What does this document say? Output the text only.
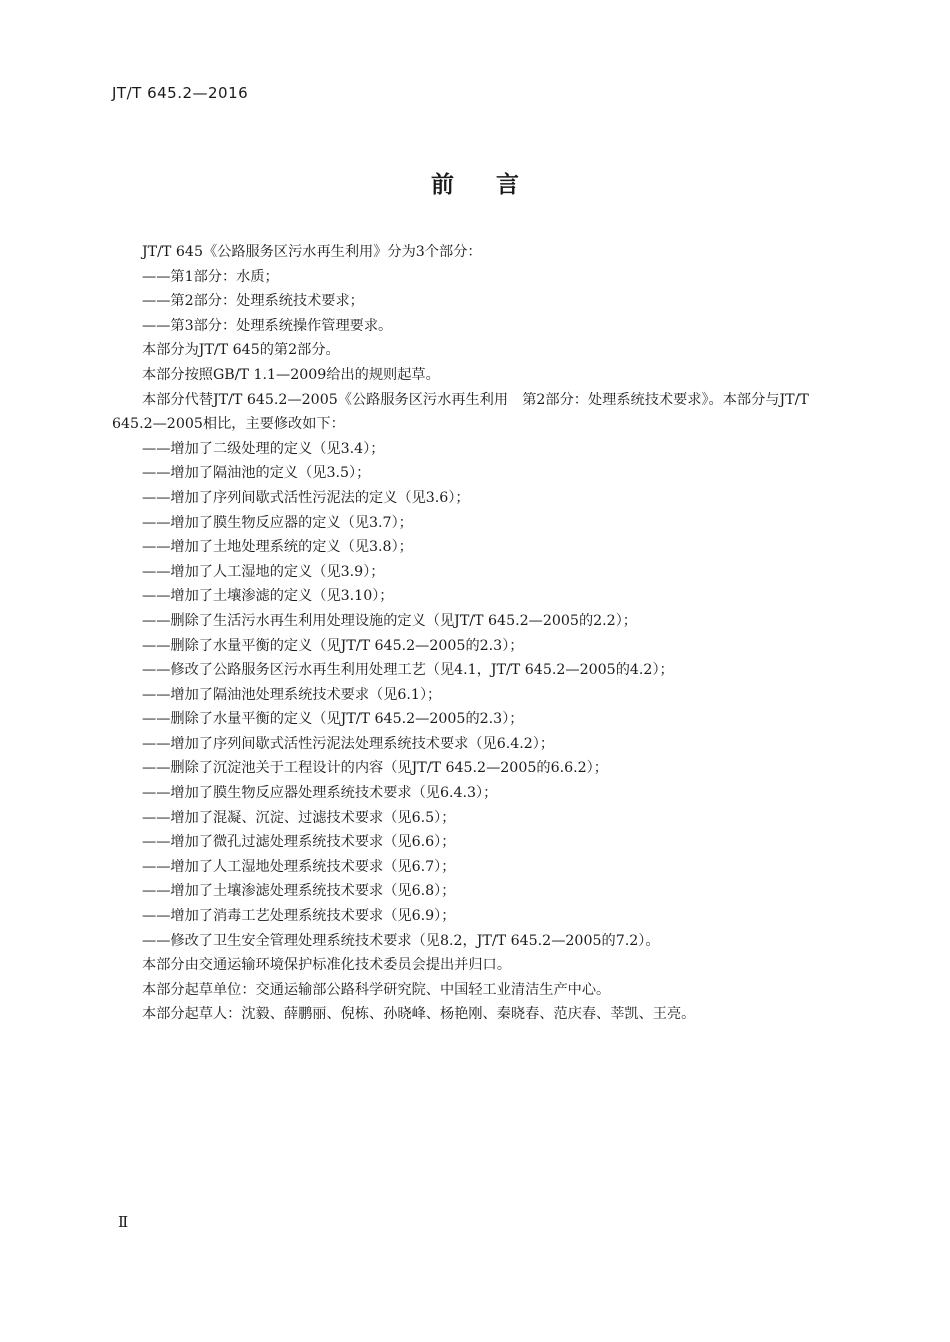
JT/T 645.2—2016

前言

JT/T 645《公路服务区污水再生利用》分为3个部分：

——第1部分：水质；

——第2部分：处理系统技术要求；

——第3部分：处理系统操作管理要求。

本部分为JT/T 645的第2部分。

本部分按照GB/T 1.1—2009给出的规则起草。

本部分代替JT/T 645.2—2005《公路服务区污水再生利用　第2部分：处理系统技术要求》。本部分与JT/T 645.2—2005相比，主要修改如下：

——增加了二级处理的定义（见3.4）；

——增加了隔油池的定义（见3.5）；

——增加了序列间歇式活性污泥法的定义（见3.6）；

——增加了膜生物反应器的定义（见3.7）；

——增加了土地处理系统的定义（见3.8）；

——增加了人工湿地的定义（见3.9）；

——增加了土壤渗滤的定义（见3.10）；

——删除了生活污水再生利用处理设施的定义（见JT/T 645.2—2005的2.2）；

——删除了水量平衡的定义（见JT/T 645.2—2005的2.3）；

——修改了公路服务区污水再生利用处理工艺（见4.1，JT/T 645.2—2005的4.2）；

——增加了隔油池处理系统技术要求（见6.1）；

——删除了水量平衡的定义（见JT/T 645.2—2005的2.3）；

——增加了序列间歇式活性污泥法处理系统技术要求（见6.4.2）；

——删除了沉淀池关于工程设计的内容（见JT/T 645.2—2005的6.6.2）；

——增加了膜生物反应器处理系统技术要求（见6.4.3）；

——增加了混凝、沉淀、过滤技术要求（见6.5）；

——增加了微孔过滤处理系统技术要求（见6.6）；

——增加了人工湿地处理系统技术要求（见6.7）；

——增加了土壤渗滤处理系统技术要求（见6.8）；

——增加了消毒工艺处理系统技术要求（见6.9）；

——修改了卫生安全管理处理系统技术要求（见8.2，JT/T 645.2—2005的7.2）。

本部分由交通运输环境保护标准化技术委员会提出并归口。

本部分起草单位：交通运输部公路科学研究院、中国轻工业清洁生产中心。

本部分起草人：沈毅、薛鹏丽、倪栋、孙晓峰、杨艳刚、秦晓春、范庆春、莘凯、王亮。

Ⅱ
